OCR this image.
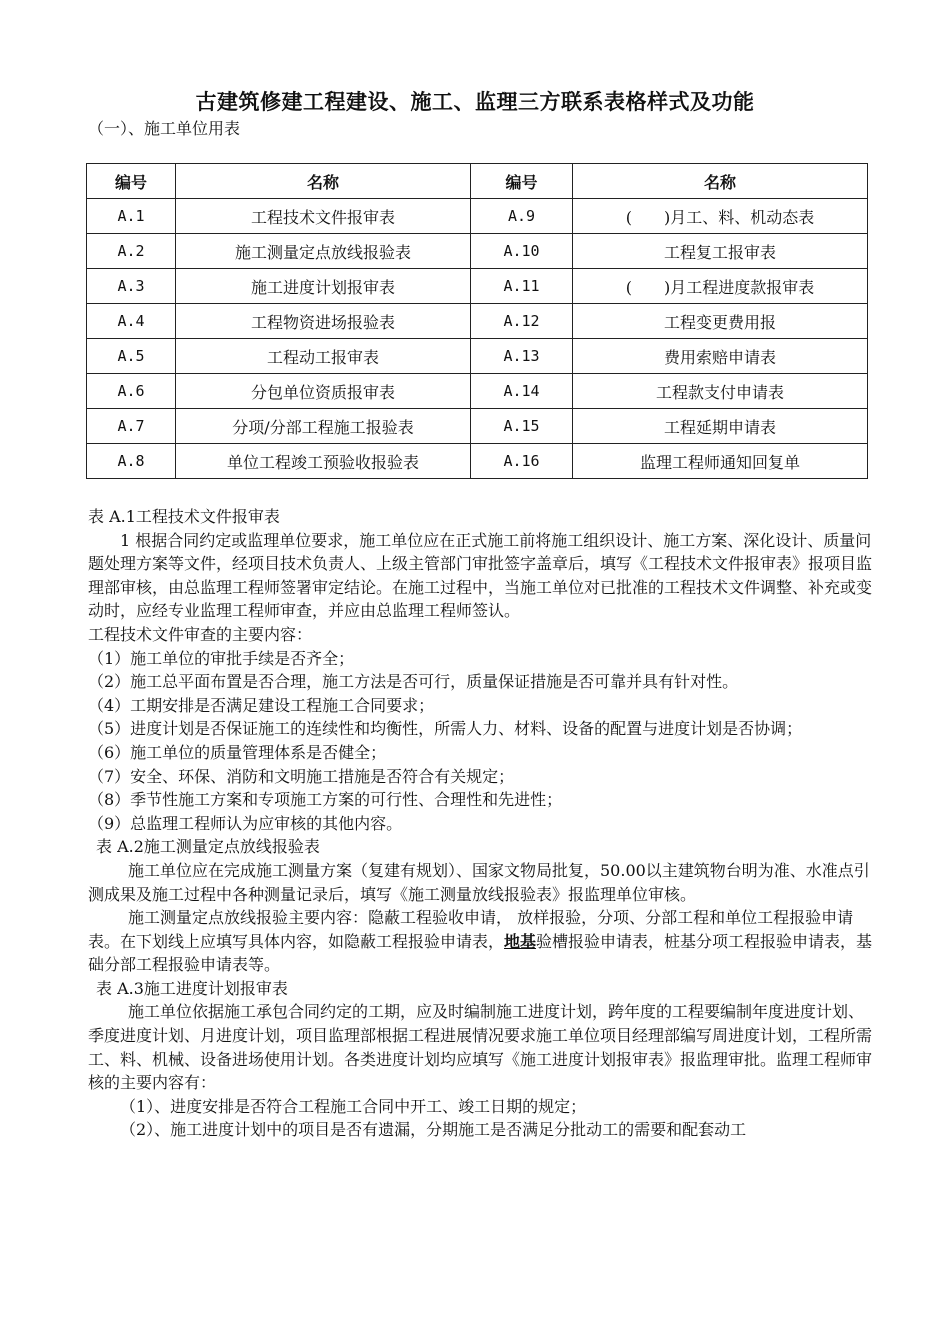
古建筑修建工程建设、施工、监理三方联系表格样式及功能
（一）、施工单位用表
编号	名称	编号	名称
A.1	工程技术文件报审表	A.9	(　　)月工、料、机动态表
A.2	施工测量定点放线报验表	A.10	工程复工报审表
A.3	施工进度计划报审表	A.11	(　　)月工程进度款报审表
A.4	工程物资进场报验表	A.12	工程变更费用报
A.5	工程动工报审表	A.13	费用索赔申请表
A.6	分包单位资质报审表	A.14	工程款支付申请表
A.7	分项/分部工程施工报验表	A.15	工程延期申请表
A.8	单位工程竣工预验收报验表	A.16	监理工程师通知回复单

表 A.1工程技术文件报审表

1 根据合同约定或监理单位要求，施工单位应在正式施工前将施工组织设计、施工方案、深化设计、质量问题处理方案等文件，经项目技术负责人、上级主管部门审批签字盖章后，填写《工程技术文件报审表》报项目监理部审核，由总监理工程师签署审定结论。在施工过程中，当施工单位对已批准的工程技术文件调整、补充或变动时，应经专业监理工程师审查，并应由总监理工程师签认。

工程技术文件审查的主要内容：

（1）施工单位的审批手续是否齐全；

（2）施工总平面布置是否合理，施工方法是否可行，质量保证措施是否可靠并具有针对性。

（4）工期安排是否满足建设工程施工合同要求；

（5）进度计划是否保证施工的连续性和均衡性，所需人力、材料、设备的配置与进度计划是否协调；

（6）施工单位的质量管理体系是否健全；

（7）安全、环保、消防和文明施工措施是否符合有关规定；

（8）季节性施工方案和专项施工方案的可行性、合理性和先进性；

（9）总监理工程师认为应审核的其他内容。

表 A.2施工测量定点放线报验表

施工单位应在完成施工测量方案（复建有规划）、国家文物局批复，50.00以主建筑物台明为准、水准点引测成果及施工过程中各种测量记录后，填写《施工测量放线报验表》报监理单位审核。

施工测量定点放线报验主要内容：隐蔽工程验收申请， 放样报验，分项、分部工程和单位工程报验申请表。在下划线上应填写具体内容，如隐蔽工程报验申请表，地基验槽报验申请表，桩基分项工程报验申请表，基础分部工程报验申请表等。

表 A.3施工进度计划报审表

施工单位依据施工承包合同约定的工期，应及时编制施工进度计划，跨年度的工程要编制年度进度计划、季度进度计划、月进度计划，项目监理部根据工程进展情况要求施工单位项目经理部编写周进度计划，工程所需工、料、机械、设备进场使用计划。各类进度计划均应填写《施工进度计划报审表》报监理审批。监理工程师审核的主要内容有：

（1）、进度安排是否符合工程施工合同中开工、竣工日期的规定；

（2）、施工进度计划中的项目是否有遗漏，分期施工是否满足分批动工的需要和配套动工
